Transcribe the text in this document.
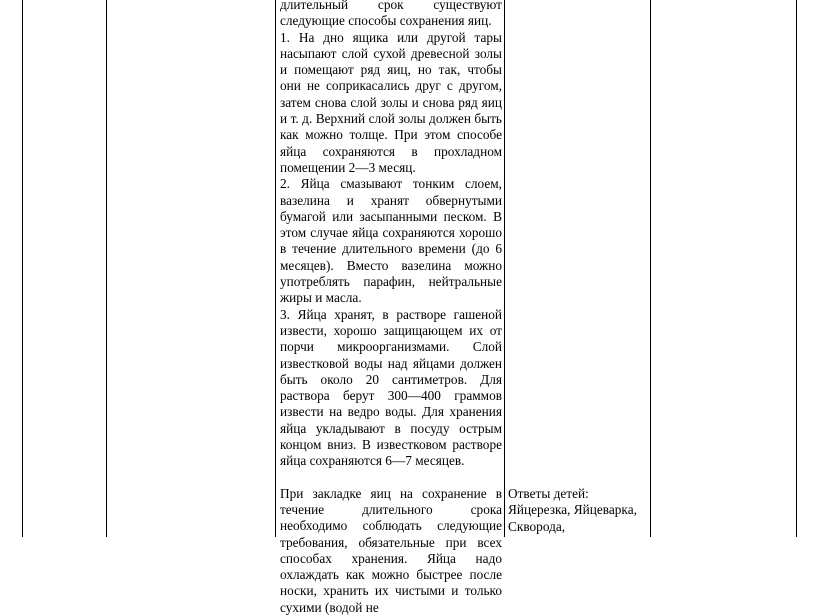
длительный срок существуют следующие способы сохранения яиц.

1. На дно ящика или другой тары насыпают слой сухой древесной золы и помещают ряд яиц, но так, чтобы они не соприкасались друг с другом, затем снова слой золы и снова ряд яиц и т. д. Верхний слой золы должен быть как можно толще. При этом способе яйца сохраняются в прохладном помещении 2—3 месяц.

2. Яйца смазывают тонким слоем, вазелина и хранят обвернутыми бумагой или засыпанными песком. В этом случае яйца сохраняются хорошо в течение длительного времени (до 6 месяцев). Вместо вазелина можно употреблять парафин, нейтральные жиры и масла.

3. Яйца хранят, в растворе гашеной извести, хорошо защищающем их от порчи микроорганизмами. Слой известковой воды над яйцами должен быть около 20 сантиметров. Для раствора берут 300—400 граммов извести на ведро воды. Для хранения яйца укладывают в посуду острым концом вниз. В известковом растворе яйца сохраняются 6—7 месяцев.

При закладке яиц на сохранение в течение длительного срока необходимо соблюдать следующие требования, обязательные при всех способах хранения. Яйца надо охлаждать как можно быстрее после носки, хранить их чистыми и только сухими (водой не

Ответы детей:

Яйцерезка, Яйцеварка,

Скворода,
